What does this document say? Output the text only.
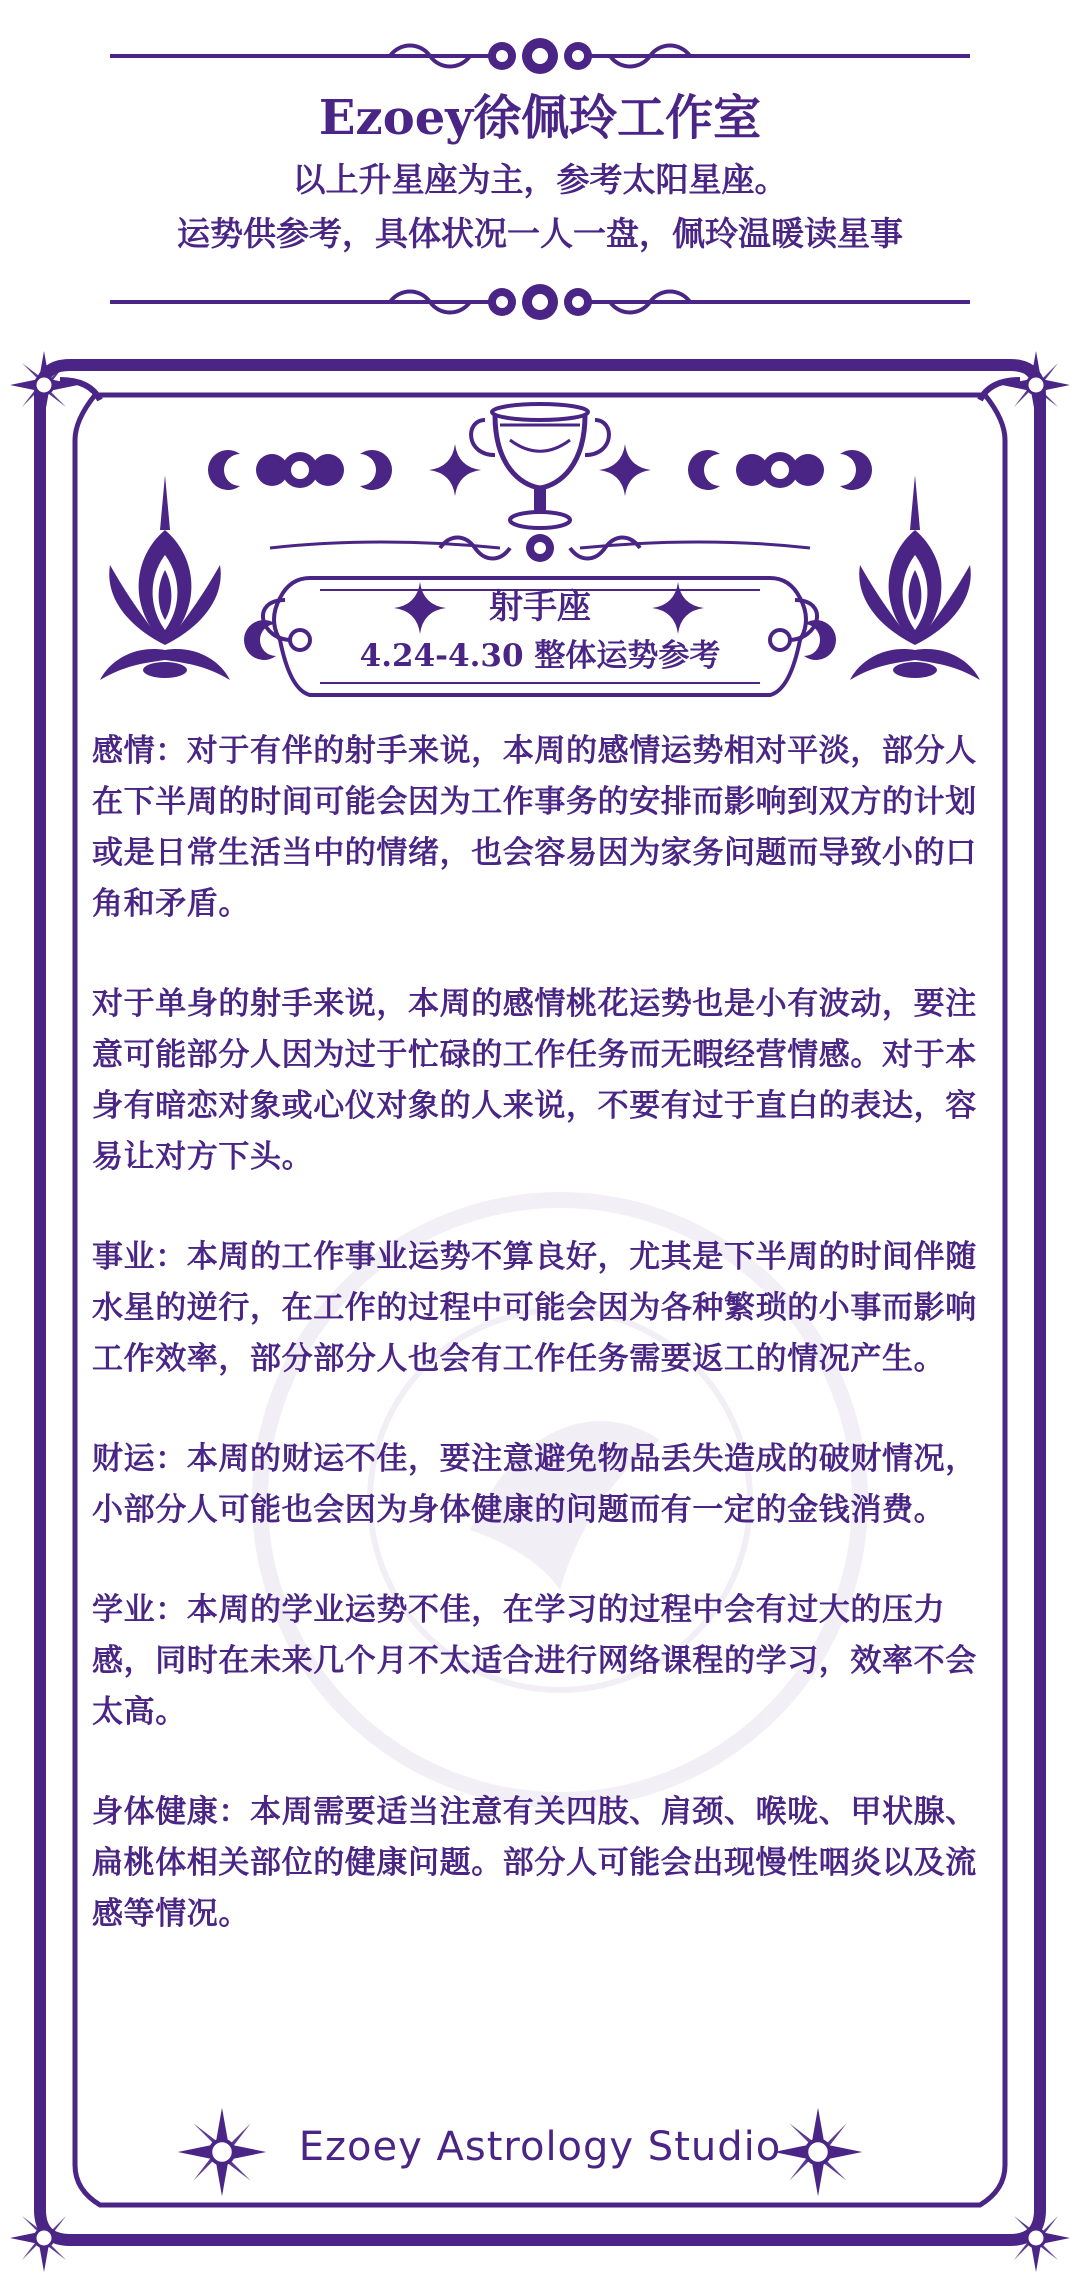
Ezoey徐佩玲工作室
以上升星座为主，参考太阳星座。
运势供参考，具体状况一人一盘，佩玲温暖读星事
射手座
4.24-4.30 整体运势参考

感情：对于有伴的射手来说，本周的感情运势相对平淡，部分人在下半周的时间可能会因为工作事务的安排而影响到双方的计划或是日常生活当中的情绪，也会容易因为家务问题而导致小的口角和矛盾。

对于单身的射手来说，本周的感情桃花运势也是小有波动，要注意可能部分人因为过于忙碌的工作任务而无暇经营情感。对于本身有暗恋对象或心仪对象的人来说，不要有过于直白的表达，容易让对方下头。

事业：本周的工作事业运势不算良好，尤其是下半周的时间伴随水星的逆行，在工作的过程中可能会因为各种繁琐的小事而影响工作效率，部分部分人也会有工作任务需要返工的情况产生。

财运：本周的财运不佳，要注意避免物品丢失造成的破财情况，小部分人可能也会因为身体健康的问题而有一定的金钱消费。

学业：本周的学业运势不佳，在学习的过程中会有过大的压力感，同时在未来几个月不太适合进行网络课程的学习，效率不会太高。

身体健康：本周需要适当注意有关四肢、肩颈、喉咙、甲状腺、扁桃体相关部位的健康问题。部分人可能会出现慢性咽炎以及流感等情况。

Ezoey Astrology Studio
